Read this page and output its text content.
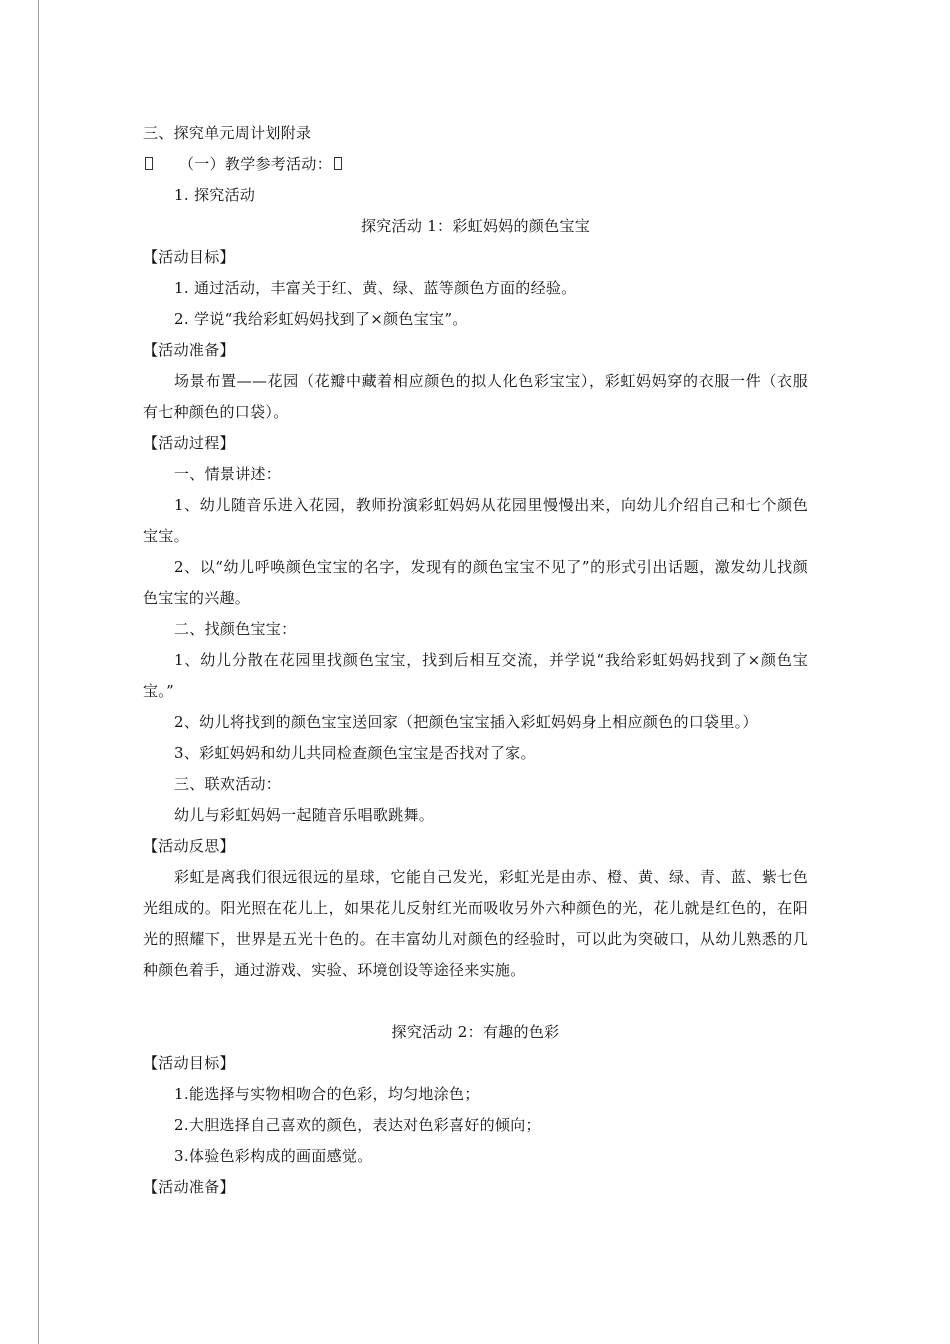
三、探究单元周计划附录
（一）教学参考活动：
1. 探究活动
探究活动 1：彩虹妈妈的颜色宝宝
【活动目标】
1. 通过活动，丰富关于红、黄、绿、蓝等颜色方面的经验。
2. 学说“我给彩虹妈妈找到了×颜色宝宝”。
【活动准备】
场景布置——花园（花瓣中藏着相应颜色的拟人化色彩宝宝），彩虹妈妈穿的衣服一件（衣服有七种颜色的口袋）。
【活动过程】
一、情景讲述：
1、幼儿随音乐进入花园，教师扮演彩虹妈妈从花园里慢慢出来，向幼儿介绍自己和七个颜色宝宝。
2、以“幼儿呼唤颜色宝宝的名字，发现有的颜色宝宝不见了”的形式引出话题，激发幼儿找颜色宝宝的兴趣。
二、找颜色宝宝：
1、幼儿分散在花园里找颜色宝宝，找到后相互交流，并学说“我给彩虹妈妈找到了×颜色宝宝。”
2、幼儿将找到的颜色宝宝送回家（把颜色宝宝插入彩虹妈妈身上相应颜色的口袋里。）
3、彩虹妈妈和幼儿共同检查颜色宝宝是否找对了家。
三、联欢活动：
幼儿与彩虹妈妈一起随音乐唱歌跳舞。
【活动反思】
彩虹是离我们很远很远的星球，它能自己发光，彩虹光是由赤、橙、黄、绿、青、蓝、紫七色光组成的。阳光照在花儿上，如果花儿反射红光而吸收另外六种颜色的光，花儿就是红色的，在阳光的照耀下，世界是五光十色的。在丰富幼儿对颜色的经验时，可以此为突破口，从幼儿熟悉的几种颜色着手，通过游戏、实验、环境创设等途径来实施。
探究活动 2：有趣的色彩
【活动目标】
1.能选择与实物相吻合的色彩，均匀地涂色；
2.大胆选择自己喜欢的颜色，表达对色彩喜好的倾向；
3.体验色彩构成的画面感觉。
【活动准备】
